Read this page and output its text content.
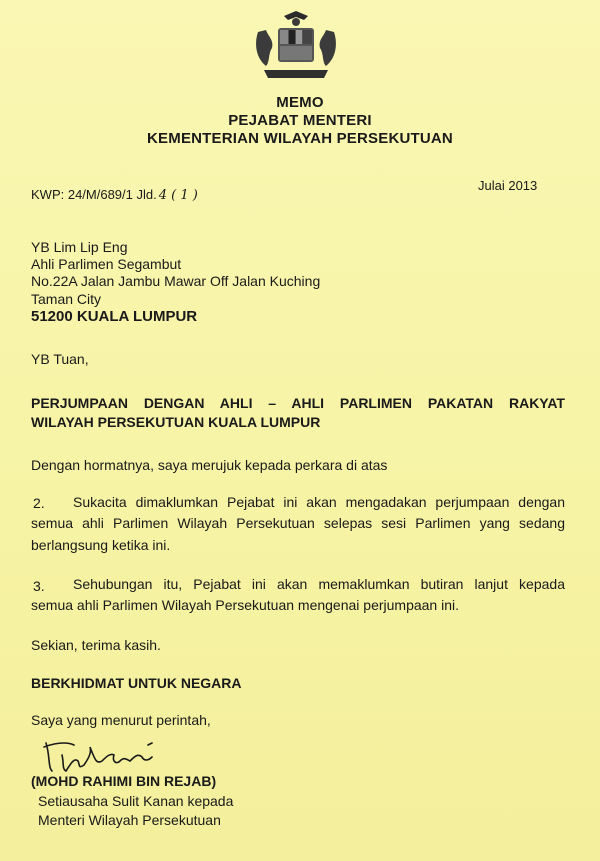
MEMO
PEJABAT MENTERI
KEMENTERIAN WILAYAH PERSEKUTUAN
KWP: 24/M/689/1 Jld. 4 ( 1 )
Julai 2013
YB Lim Lip Eng
Ahli Parlimen Segambut
No.22A Jalan Jambu Mawar Off Jalan Kuching
Taman City
51200 KUALA LUMPUR
YB Tuan,
PERJUMPAAN DENGAN AHLI – AHLI PARLIMEN PAKATAN RAKYAT
WILAYAH PERSEKUTUAN KUALA LUMPUR
Dengan hormatnya, saya merujuk kepada perkara di atas
2. Sukacita dimaklumkan Pejabat ini akan mengadakan perjumpaan dengan
semua ahli Parlimen Wilayah Persekutuan selepas sesi Parlimen yang sedang
berlangsung ketika ini.
3. Sehubungan itu, Pejabat ini akan memaklumkan butiran lanjut kepada
semua ahli Parlimen Wilayah Persekutuan mengenai perjumpaan ini.
Sekian, terima kasih.
BERKHIDMAT UNTUK NEGARA
Saya yang menurut perintah,
(MOHD RAHIMI BIN REJAB)
Setiausaha Sulit Kanan kepada
Menteri Wilayah Persekutuan
